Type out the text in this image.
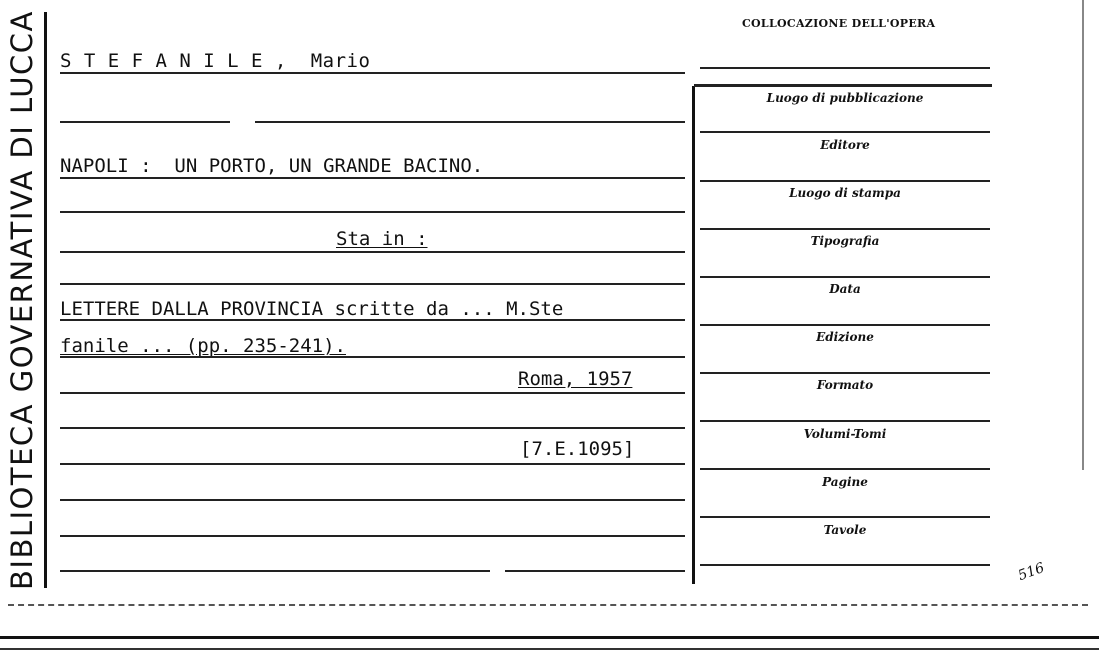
BIBLIOTECA GOVERNATIVA DI LUCCA	COLLOCAZIONE DELL'OPERA
Luogo di pubblicazione
Editore
Luogo di stampa
Tipografia
Data
Edizione
Formato
Volumi-Tomi
Pagine
Tavole
S T E F A N I L E ,  Mario
NAPOLI :  UN PORTO, UN GRANDE BACINO.
Sta in :
LETTERE DALLA PROVINCIA scritte da ... M.Ste
fanile ... (pp. 235-241).
Roma, 1957
[7.E.1095]
516
